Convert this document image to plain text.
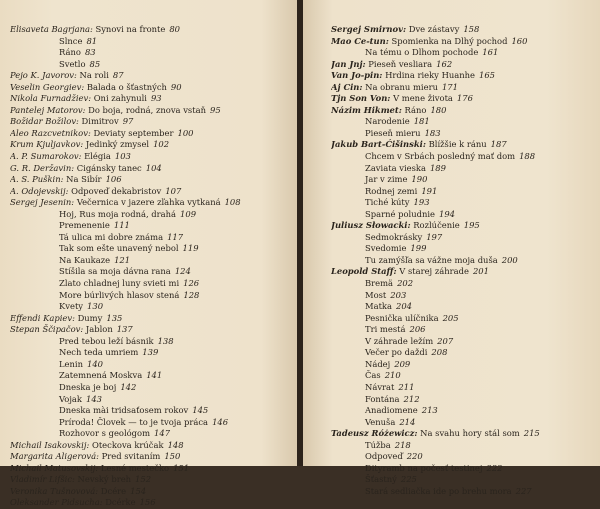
Elisaveta Bagrjana: Synovi na fronte 80
Slnce 81
Ráno 83
Svetlo 85
Pejo K. Javorov: Na roli 87
Veselin Georgiev: Balada o šťastných 90
Nikola Furnadžiev: Oni zahynuli 93
Pantelej Matorov: Do boja, rodná, znova vstaň 95
Božidar Božilov: Dimitrov 97
Aleo Razcvetnikov: Deviaty september 100
Krum Kjuljavkov: Jedinký zmysel 102
A. P. Sumarokov: Elégia 103
G. R. Deržavin: Cigánsky tanec 104
A. S. Puškin: Na Sibír 106
A. Odojevskij: Odpoveď dekabristov 107
Sergej Jesenin: Večernica v jazere zľahka vytkaná 108
Hoj, Rus moja rodná, drahá 109
Premenenie 111
Tá ulica mi dobre známa 117
Tak som ešte unavený nebol 119
Na Kaukaze 121
Stíšila sa moja dávna rana 124
Zlato chladnej luny svieti mi 126
More búrlivých hlasov stená 128
Kvety 130
Effendi Kapiev: Dumy 135
Stepan Ščipačov: Jablon 137
Pred tebou leží básnik 138
Nech teda umriem 139
Lenin 140
Zatemnená Moskva 141
Dneska je boj 142
Vojak 143
Dneska mài tridsaťosem rokov 145
Príroda! Človek — to je tvoja práca 146
Rozhovor s geológom 147
Michail Isakovskij: Oteckova krúčak 148
Margarita Aligerová: Pred svitaním 150
Michail Matusovskij: Lesné mestečko 151
Vladimír Lifšic: Nevský breh 152
Veronika Tušnovová: Dcére 154
Oleksander Pidsucha: Dcérke 156
Sergej Smirnov: Dve zástavy 158
Mao Ce-tun: Spomienka na Dlhý pochod 160
Na tému o Dlhom pochode 161
Jan Jnj: Pieseň vesliara 162
Van Jo-pin: Hrdina rieky Huanhe 165
Aj Cin: Na obranu mieru 171
Tjn Son Von: V mene života 176
Názim Hikmet: Ráno 180
Narodenie 181
Pieseň mieru 183
Jakub Bart-Ćišinski: Blížšie k ránu 187
Chcem v Srbách posledný mať dom 188
Zaviata vieska 189
Jar v zime 190
Rodnej zemi 191
Tiché kúty 193
Sparné poludnie 194
Juliusz Słowacki: Rozlúčenie 195
Sedmokrásky 197
Svedomie 199
Tu zamýšľa sa vážne moja duša 200
Leopold Staff: V starej záhrade 201
Bremä 202
Most 203
Matka 204
Pesnička ulíčnika 205
Tri mestá 206
V záhrade ležím 207
Večer po daždi 208
Nádej 209
Čas 210
Návrat 211
Fontána 212
Anadiomene 213
Venuša 214
Tadeusz Różewicz: Na svahu hory stál som 215
Túžba 218
Odpoveď 220
Dityramb na počesť testinej 222
Šťastný 225
Stará sedliačka ide po brehu mora 227
